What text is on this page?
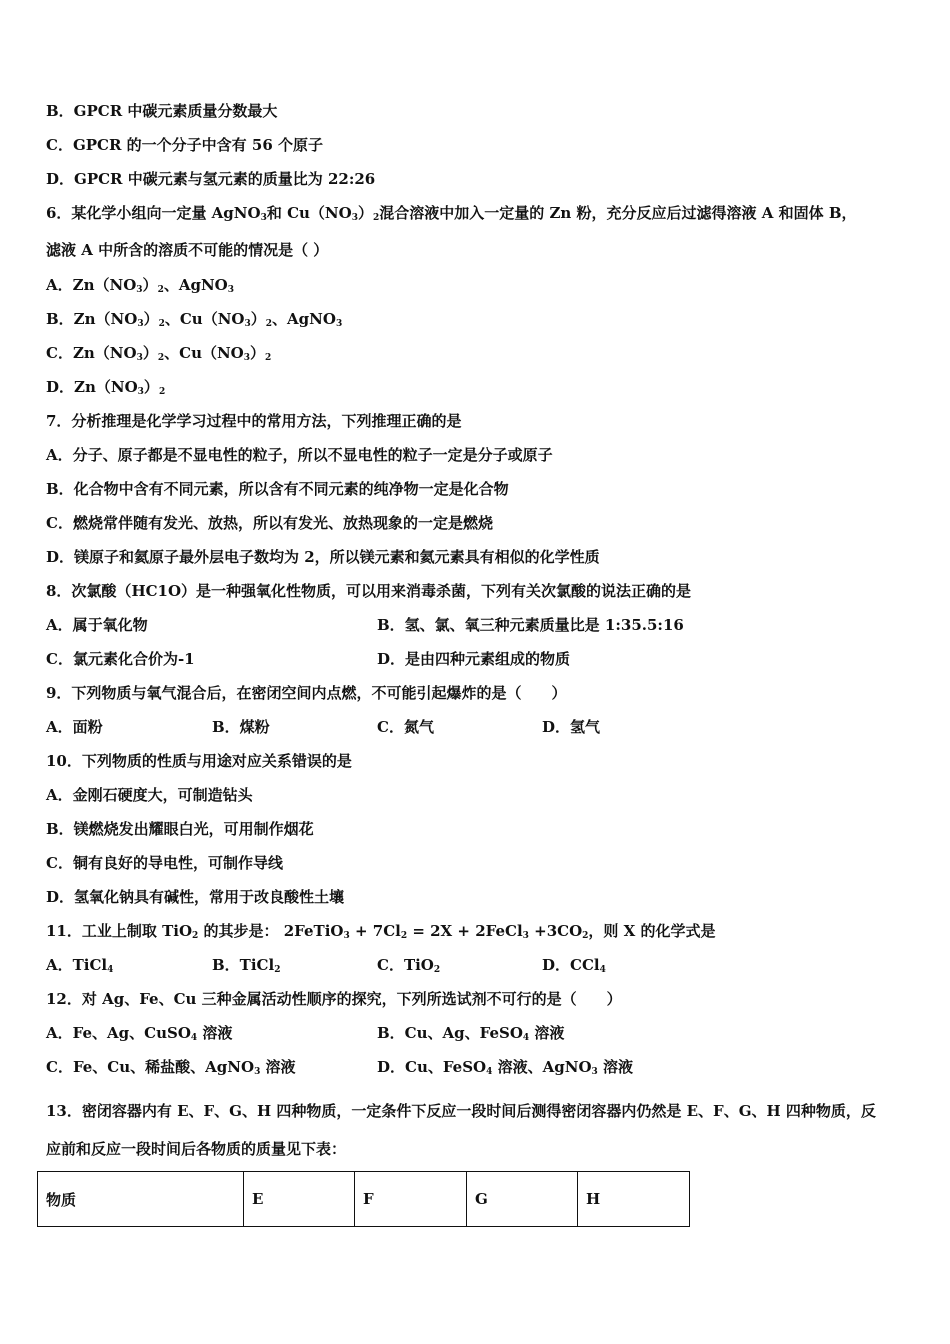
B．GPCR 中碳元素质量分数最大
C．GPCR 的一个分子中含有 56 个原子
D．GPCR 中碳元素与氢元素的质量比为 22:26
6．某化学小组向一定量 AgNO$_3$和 $Cu(NO_3)_2$混合溶液中加入一定量的 Zn 粉，充分反应后过滤得溶液 A 和固体 B，
滤液 A 中所含的溶质不可能的情况是（ ）
A．$Zn(NO_3)_2$、AgNO$_3$
B．$Zn(NO_3)_2$、$Cu(NO_3)_2$、AgNO$_3$
C．$Zn(NO_3)_2$、$Cu(NO_3)_2$
D．$Zn(NO_3)_2$
7．分析推理是化学学习过程中的常用方法，下列推理正确的是
A．分子、原子都是不显电性的粒子，所以不显电性的粒子一定是分子或原子
B．化合物中含有不同元素，所以含有不同元素的纯净物一定是化合物
C．燃烧常伴随有发光、放热，所以有发光、放热现象的一定是燃烧
D．镁原子和氦原子最外层电子数均为 2，所以镁元素和氦元素具有相似的化学性质
8．次氯酸（HC1O）是一种强氧化性物质，可以用来消毒杀菌，下列有关次氯酸的说法正确的是
A．属于氧化物	B．氢、氯、氧三种元素质量比是 1:35.5:16
C．氯元素化合价为-1	D．是由四种元素组成的物质
9．下列物质与氧气混合后，在密闭空间内点燃，不可能引起爆炸的是（　　）
A．面粉	B．煤粉	C．氮气	D．氢气
10．下列物质的性质与用途对应关系错误的是
A．金刚石硬度大，可制造钻头
B．镁燃烧发出耀眼白光，可用制作烟花
C．铜有良好的导电性，可制作导线
D．氢氧化钠具有碱性，常用于改良酸性土壤
11．工业上制取 TiO$_2$ 的其步是： 2FeTiO$_3$ + $7Cl_2 = 2X$ + 2FeCl$_3$ $+3CO_2$，则 X 的化学式是
A．TiCl$_4$	B．TiCl$_2$	C．TiO$_2$	D．CCl$_4$
12．对 Ag、Fe、Cu 三种金属活动性顺序的探究，下列所选试剂不可行的是（　　）
A．Fe、Ag、CuSO$_4$ 溶液	B．Cu、Ag、FeSO$_4$ 溶液
C．Fe、Cu、稀盐酸、AgNO$_3$ 溶液	D．Cu、FeSO$_4$ 溶液、AgNO$_3$ 溶液
13．密闭容器内有 E、F、G、H 四种物质，一定条件下反应一段时间后测得密闭容器内仍然是 E、F、G、H 四种物质，反
应前和反应一段时间后各物质的质量见下表：
物质	E	F	G	H
